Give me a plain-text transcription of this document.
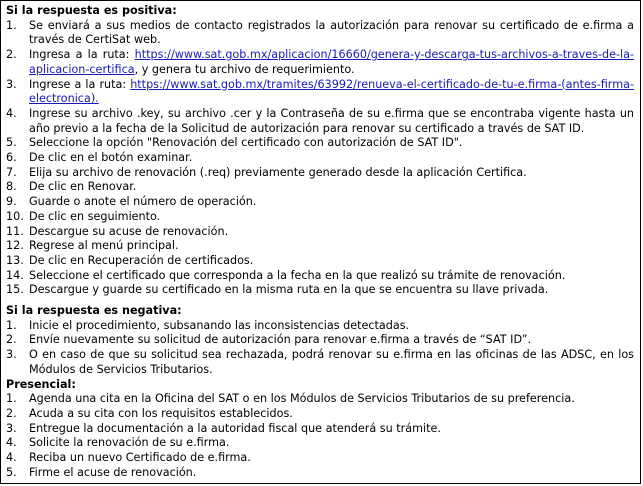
Si la respuesta es positiva:
1.	Se enviará a sus medios de contacto registrados la autorización para renovar su certificado de e.firma a través de CertiSat web.
2.	Ingresa a la ruta: https://www.sat.gob.mx/aplicacion/16660/genera-y-descarga-tus-archivos-a-traves-de-la-aplicacion-certifica, y genera tu archivo de requerimiento.
3.	Ingrese a la ruta: https://www.sat.gob.mx/tramites/63992/renueva-el-certificado-de-tu-e.firma-(antes-firma-electronica).
4.	Ingrese su archivo .key, su archivo .cer y la Contraseña de su e.firma que se encontraba vigente hasta un año previo a la fecha de la Solicitud de autorización para renovar su certificado a través de SAT ID.
5.	Seleccione la opción "Renovación del certificado con autorización de SAT ID".
6.	De clic en el botón examinar.
7.	Elija su archivo de renovación (.req) previamente generado desde la aplicación Certifica.
8.	De clic en Renovar.
9.	Guarde o anote el número de operación.
10. De clic en seguimiento.
11. Descargue su acuse de renovación.
12. Regrese al menú principal.
13. De clic en Recuperación de certificados.
14. Seleccione el certificado que corresponda a la fecha en la que realizó su trámite de renovación.
15. Descargue y guarde su certificado en la misma ruta en la que se encuentra su llave privada.
Si la respuesta es negativa:
1.	Inicie el procedimiento, subsanando las inconsistencias detectadas.
2.	Envíe nuevamente su solicitud de autorización para renovar e.firma a través de “SAT ID”.
3.	O en caso de que su solicitud sea rechazada, podrá renovar su e.firma en las oficinas de las ADSC, en los Módulos de Servicios Tributarios.
Presencial:
1.	Agenda una cita en la Oficina del SAT o en los Módulos de Servicios Tributarios de su preferencia.
2.	Acuda a su cita con los requisitos establecidos.
3.	Entregue la documentación a la autoridad fiscal que atenderá su trámite.
4.	Solicite la renovación de su e.firma.
4.	Reciba un nuevo Certificado de e.firma.
5.	Firme el acuse de renovación.
